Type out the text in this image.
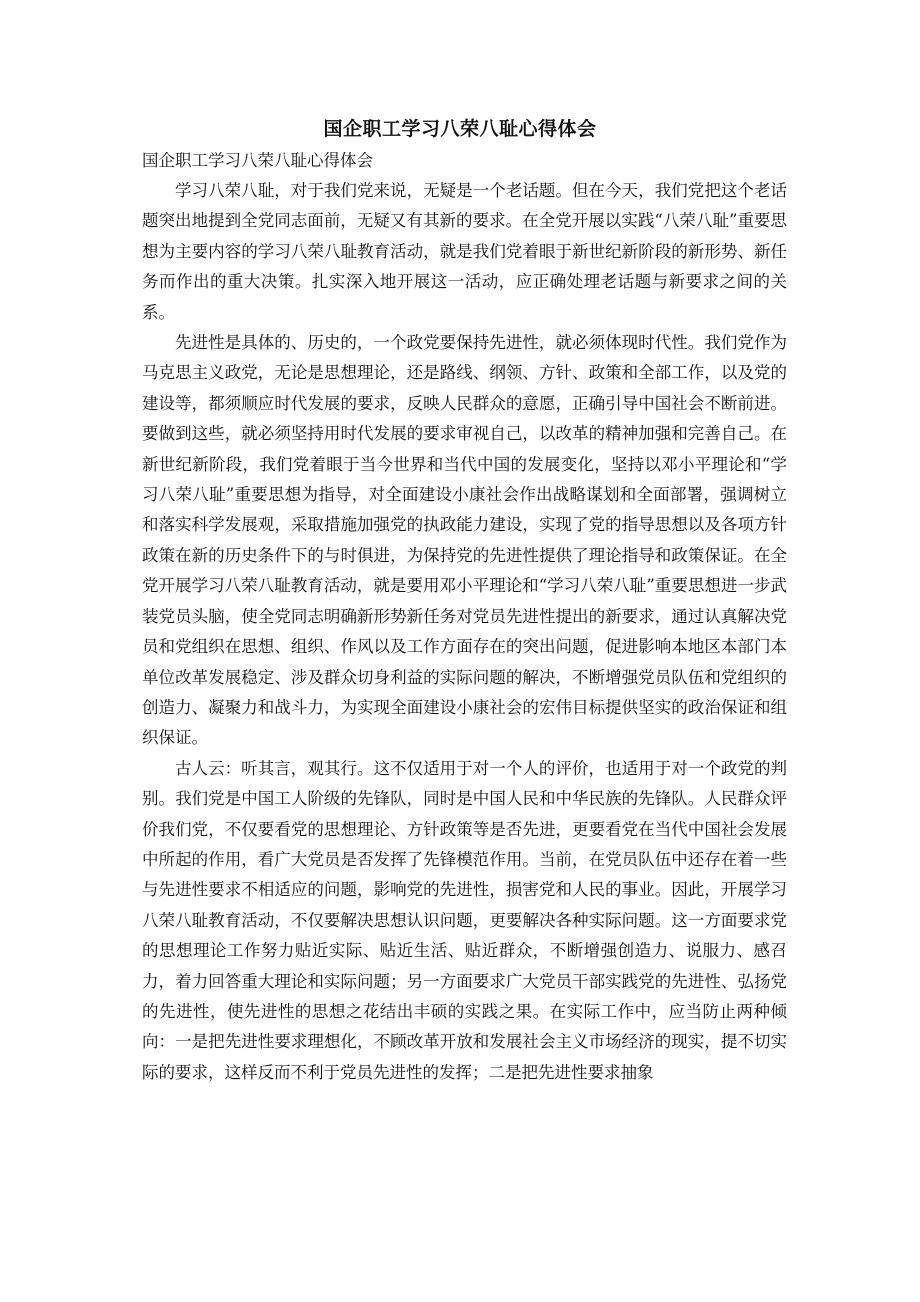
国企职工学习八荣八耻心得体会
国企职工学习八荣八耻心得体会

学习八荣八耻，对于我们党来说，无疑是一个老话题。但在今天，我们党把这个老话题突出地提到全党同志面前，无疑又有其新的要求。在全党开展以实践“八荣八耻”重要思想为主要内容的学习八荣八耻教育活动，就是我们党着眼于新世纪新阶段的新形势、新任务而作出的重大决策。扎实深入地开展这一活动，应正确处理老话题与新要求之间的关系。

先进性是具体的、历史的，一个政党要保持先进性，就必须体现时代性。我们党作为马克思主义政党，无论是思想理论，还是路线、纲领、方针、政策和全部工作，以及党的建设等，都须顺应时代发展的要求，反映人民群众的意愿，正确引导中国社会不断前进。要做到这些，就必须坚持用时代发展的要求审视自己，以改革的精神加强和完善自己。在新世纪新阶段，我们党着眼于当今世界和当代中国的发展变化，坚持以邓小平理论和“学习八荣八耻”重要思想为指导，对全面建设小康社会作出战略谋划和全面部署，强调树立和落实科学发展观，采取措施加强党的执政能力建设，实现了党的指导思想以及各项方针政策在新的历史条件下的与时俱进，为保持党的先进性提供了理论指导和政策保证。在全党开展学习八荣八耻教育活动，就是要用邓小平理论和“学习八荣八耻”重要思想进一步武装党员头脑，使全党同志明确新形势新任务对党员先进性提出的新要求，通过认真解决党员和党组织在思想、组织、作风以及工作方面存在的突出问题，促进影响本地区本部门本单位改革发展稳定、涉及群众切身利益的实际问题的解决，不断增强党员队伍和党组织的创造力、凝聚力和战斗力，为实现全面建设小康社会的宏伟目标提供坚实的政治保证和组织保证。

古人云：听其言，观其行。这不仅适用于对一个人的评价，也适用于对一个政党的判别。我们党是中国工人阶级的先锋队，同时是中国人民和中华民族的先锋队。人民群众评价我们党，不仅要看党的思想理论、方针政策等是否先进，更要看党在当代中国社会发展中所起的作用，看广大党员是否发挥了先锋模范作用。当前，在党员队伍中还存在着一些与先进性要求不相适应的问题，影响党的先进性，损害党和人民的事业。因此，开展学习八荣八耻教育活动，不仅要解决思想认识问题，更要解决各种实际问题。这一方面要求党的思想理论工作努力贴近实际、贴近生活、贴近群众，不断增强创造力、说服力、感召力，着力回答重大理论和实际问题；另一方面要求广大党员干部实践党的先进性、弘扬党的先进性，使先进性的思想之花结出丰硕的实践之果。在实际工作中，应当防止两种倾向：一是把先进性要求理想化，不顾改革开放和发展社会主义市场经济的现实，提不切实际的要求，这样反而不利于党员先进性的发挥；二是把先进性要求抽象
